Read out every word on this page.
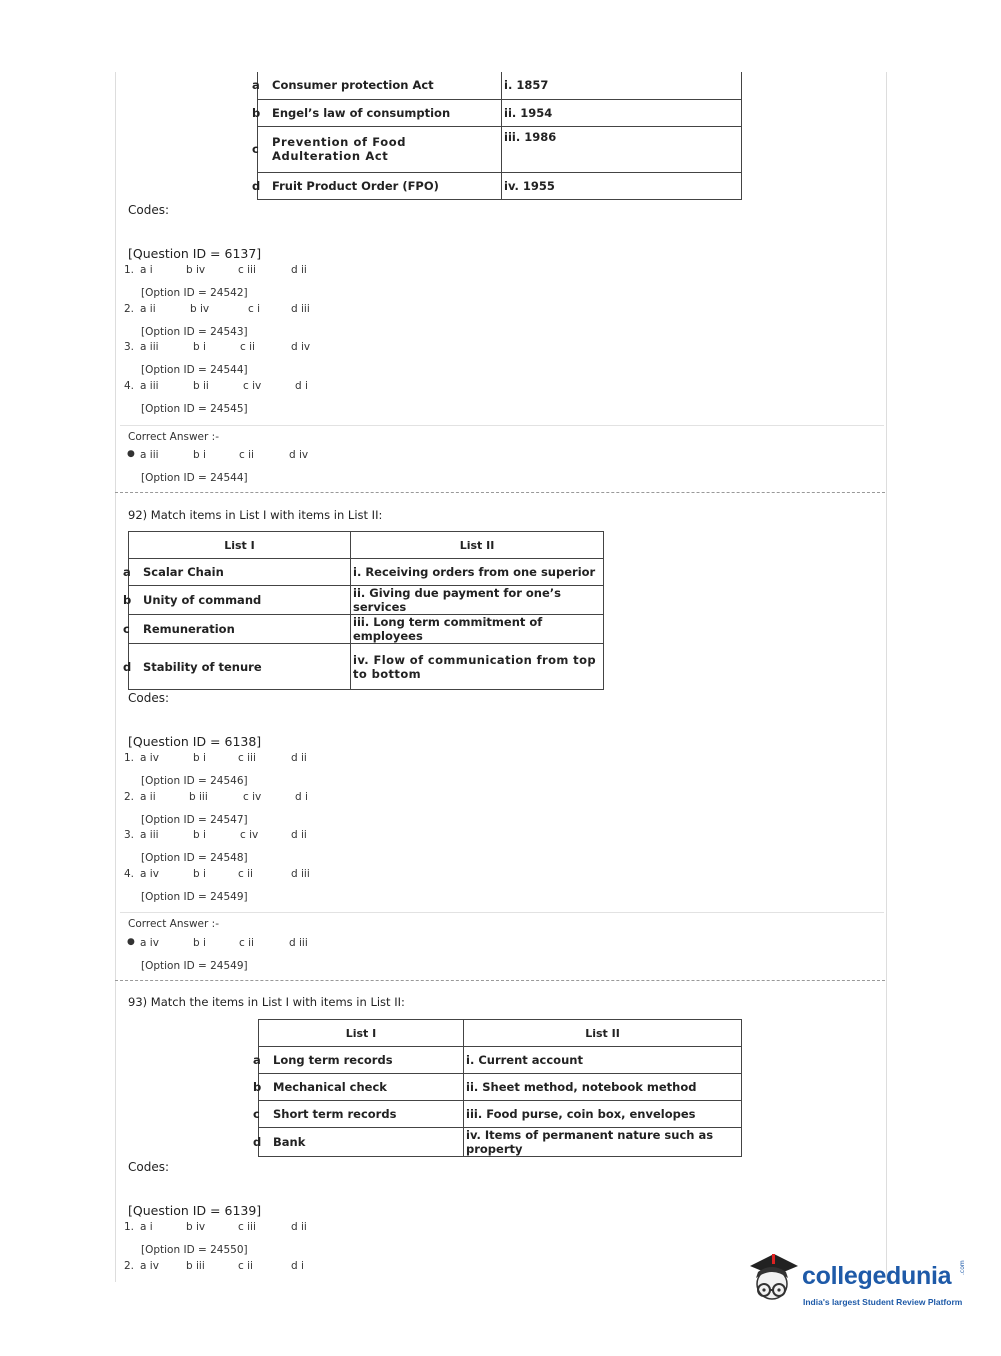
a Consumer protection Act	i. 1857

b Engel’s law of consumption	ii. 1954

c Prevention of Food Adulteration Act	iii. 1986

d Fruit Product Order (FPO)	iv. 1955
Codes:
[Question ID = 6137]
1. a i	b iv	c iii	d ii
[Option ID = 24542]
2. a ii	b iv	c i	d iii
[Option ID = 24543]
3. a iii	b i	c ii	d iv
[Option ID = 24544]
4. a iii	b ii	c iv	d i
[Option ID = 24545]
Correct Answer :-
● a iii	b i	c ii	d iv
[Option ID = 24544]
92) Match items in List I with items in List II:
List I	List II

a Scalar Chain	i. Receiving orders from one superior

b Unity of command	ii. Giving due payment for one’s services

c Remuneration	iii. Long term commitment of employees

d Stability of tenure	iv. Flow of communication from top to bottom
Codes:
[Question ID = 6138]
1. a iv	b i	c iii	d ii
[Option ID = 24546]
2. a ii	b iii	c iv	d i
[Option ID = 24547]
3. a iii	b i	c iv	d ii
[Option ID = 24548]
4. a iv	b i	c ii	d iii
[Option ID = 24549]
Correct Answer :-
● a iv	b i	c ii	d iii
[Option ID = 24549]
93) Match the items in List I with items in List II:
List I	List II

a Long term records	i. Current account

b Mechanical check	ii. Sheet method, notebook method

c Short term records	iii. Food purse, coin box, envelopes

d Bank	iv. Items of permanent nature such as property
Codes:
[Question ID = 6139]
1. a i	b iv	c iii	d ii
[Option ID = 24550]
2. a iv	b iii	c ii	d i	collegedunia .com
India's largest Student Review Platform
